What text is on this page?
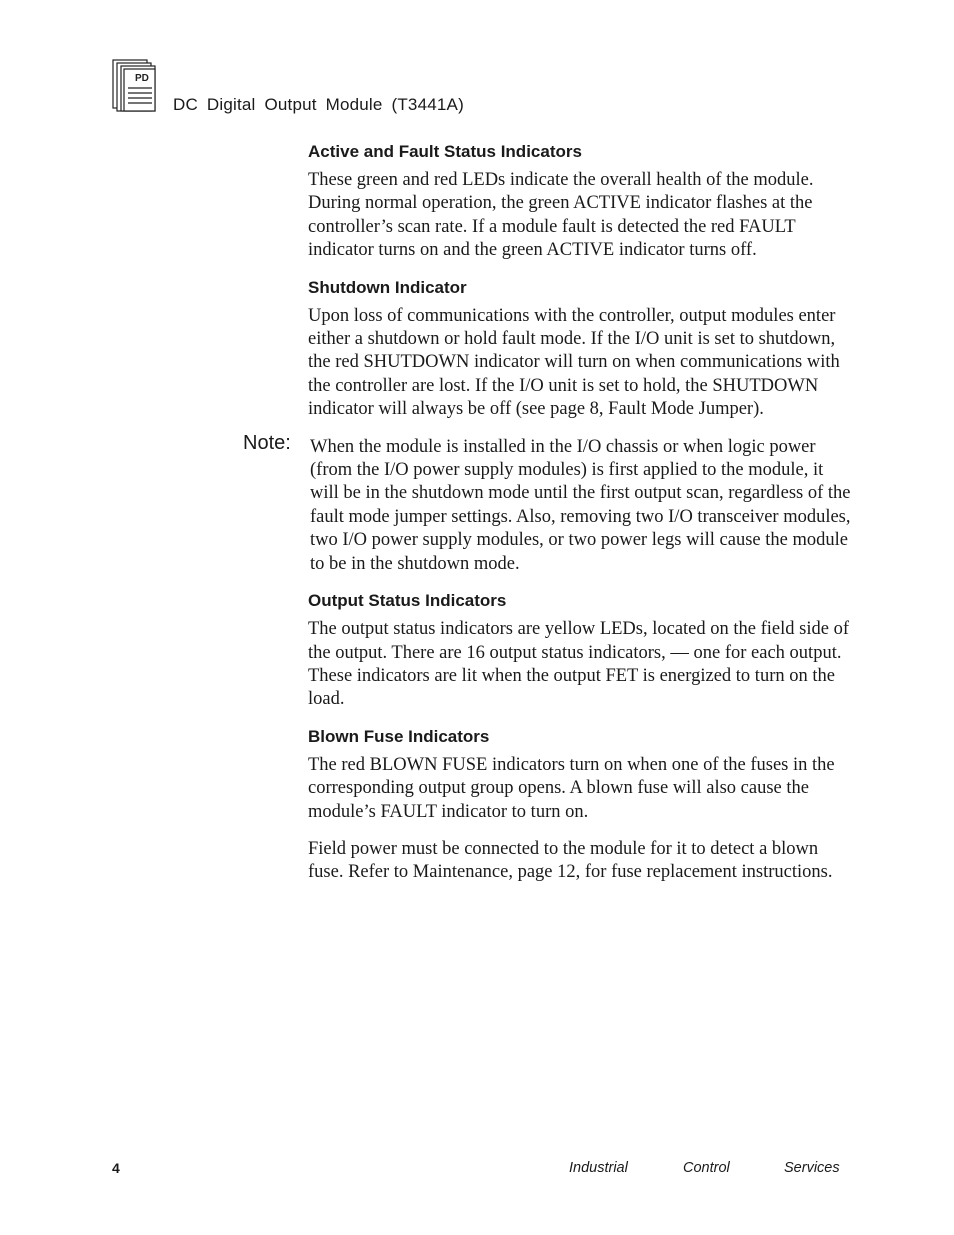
PD
DC Digital Output Module (T3441A)
Active and Fault Status Indicators

These green and red LEDs indicate the overall health of the module. During normal operation, the green ACTIVE indicator flashes at the controller’s scan rate. If a module fault is detected the red FAULT indicator turns on and the green ACTIVE indicator turns off.

Shutdown Indicator

Upon loss of communications with the controller, output modules enter either a shutdown or hold fault mode. If the I/O unit is set to shutdown, the red SHUTDOWN indicator will turn on when communications with the controller are lost. If the I/O unit is set to hold, the SHUTDOWN indicator will always be off (see page 8, Fault Mode Jumper).

Note: When the module is installed in the I/O chassis or when logic power (from the I/O power supply modules) is first applied to the module, it will be in the shutdown mode until the first output scan, regardless of the fault mode jumper settings. Also, removing two I/O transceiver modules, two I/O power supply modules, or two power legs will cause the module to be in the shutdown mode.

Output Status Indicators

The output status indicators are yellow LEDs, located on the field side of the output. There are 16 output status indicators, — one for each output. These indicators are lit when the output FET is energized to turn on the load.

Blown Fuse Indicators

The red BLOWN FUSE indicators turn on when one of the fuses in the corresponding output group opens. A blown fuse will also cause the module’s FAULT indicator to turn on.

Field power must be connected to the module for it to detect a blown fuse. Refer to Maintenance, page 12, for fuse replacement instructions.

4	Industrial	Control	Services
